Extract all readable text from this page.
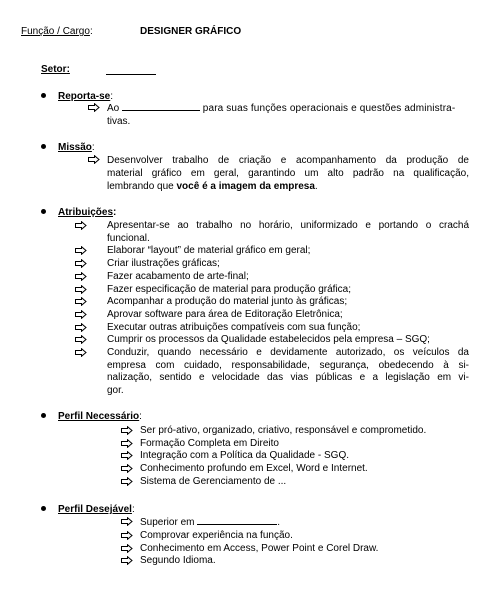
Função / Cargo:	DESIGNER GRÁFICO
Setor:
Reporta-se:
Ao	para suas funções operacionais e questões administra-
tivas.
Missão:
Desenvolver trabalho de criação e acompanhamento da produção de
material gráfico em geral, garantindo um alto padrão na qualificação,
lembrando que você é a imagem da empresa.
Atribuições:
Apresentar-se ao trabalho no horário, uniformizado e portando o crachá
funcional.
Elaborar “layout” de material gráfico em geral;
Criar ilustrações gráficas;
Fazer acabamento de arte-final;
Fazer especificação de material para produção gráfica;
Acompanhar a produção do material junto às gráficas;
Aprovar software para área de Editoração Eletrônica;
Executar outras atribuições compatíveis com sua função;
Cumprir os processos da Qualidade estabelecidos pela empresa – SGQ;
Conduzir, quando necessário e devidamente autorizado, os veículos da
empresa com cuidado, responsabilidade, segurança, obedecendo à si-
nalização, sentido e velocidade das vias públicas e a legislação em vi-
gor.
Perfil Necessário:
Ser pró-ativo, organizado, criativo, responsável e comprometido.
Formação Completa em Direito
Integração com a Política da Qualidade - SGQ.
Conhecimento profundo em Excel, Word e Internet.
Sistema de Gerenciamento de ...
Perfil Desejável:
Superior em	.
Comprovar experiência na função.
Conhecimento em Access, Power Point e Corel Draw.
Segundo Idioma.
